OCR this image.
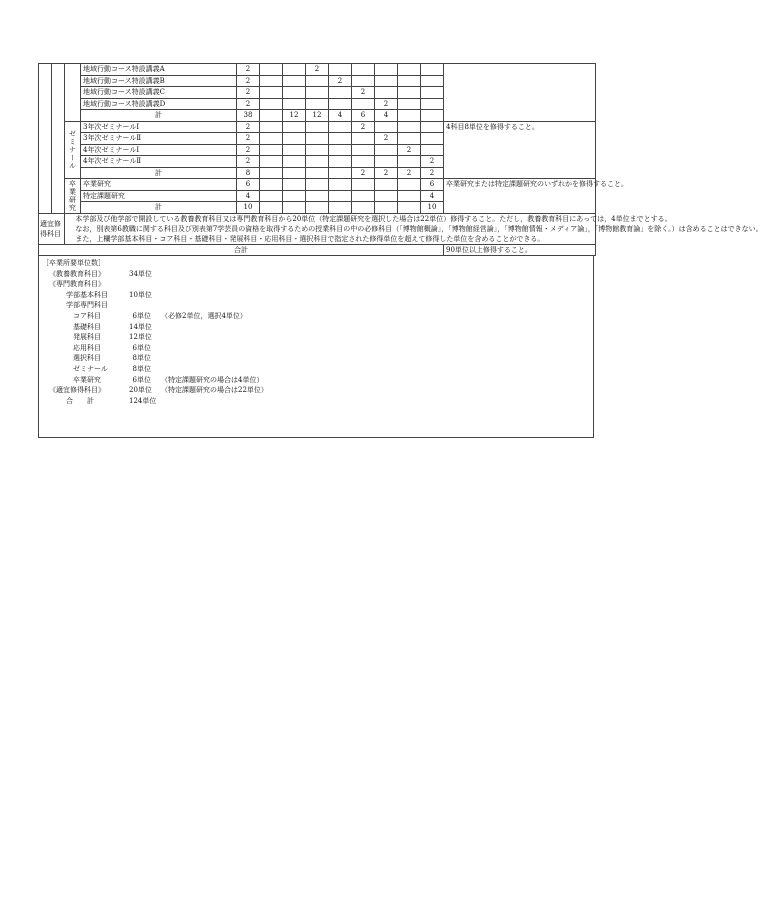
			地域行動コース特設講義A	2			2						
			地域行動コース特設講義B	2				2					
			地域行動コース特設講義C	2					2				
			地域行動コース特設講義D	2						2			
			計	38		12	12	4	6	4			
		ゼミナール	3年次ゼミナールⅠ	2					2				4科目8単位を修得すること。
			3年次ゼミナールⅡ	2						2			
			4年次ゼミナールⅠ	2							2		
			4年次ゼミナールⅡ	2								2	
			計	8					2	2	2	2	
		卒業研究	卒業研究	6								6	卒業研究または特定課題研究のいずれかを修得すること。
			特定課題研究	4								4	
			計	10								10	
適宜修得科目		本学部及び他学部で開設している教養教育科目又は専門教育科目から20単位（特定課題研究を選択した場合は22単位）修得すること。ただし，教養教育科目にあっては，4単位までとする。

なお，別表第6教職に関する科目及び別表第7学芸員の資格を取得するための授業科目の中の必修科目（「博物館概論」，「博物館経営論」，「博物館情報・メディア論」，「博物館教育論」を除く。）は含めることはできない。

また，上欄学部基本科目・コア科目・基礎科目・発展科目・応用科目・選択科目で指定された修得単位を超えて修得した単位を含めることができる。											

合計													90単位以上修得すること。
［卒業所要単位数］
《教養教育科目》	34単位
《専門教育科目》
学部基本科目	10単位
学部専門科目
コア科目	6単位 （必修2単位，選択4単位）
基礎科目	14単位
発展科目	12単位
応用科目	6単位
選択科目	8単位
ゼミナール	8単位
卒業研究	6単位 （特定課題研究の場合は4単位）
《適宜修得科目》	20単位 （特定課題研究の場合は22単位）
合　　計	124単位
